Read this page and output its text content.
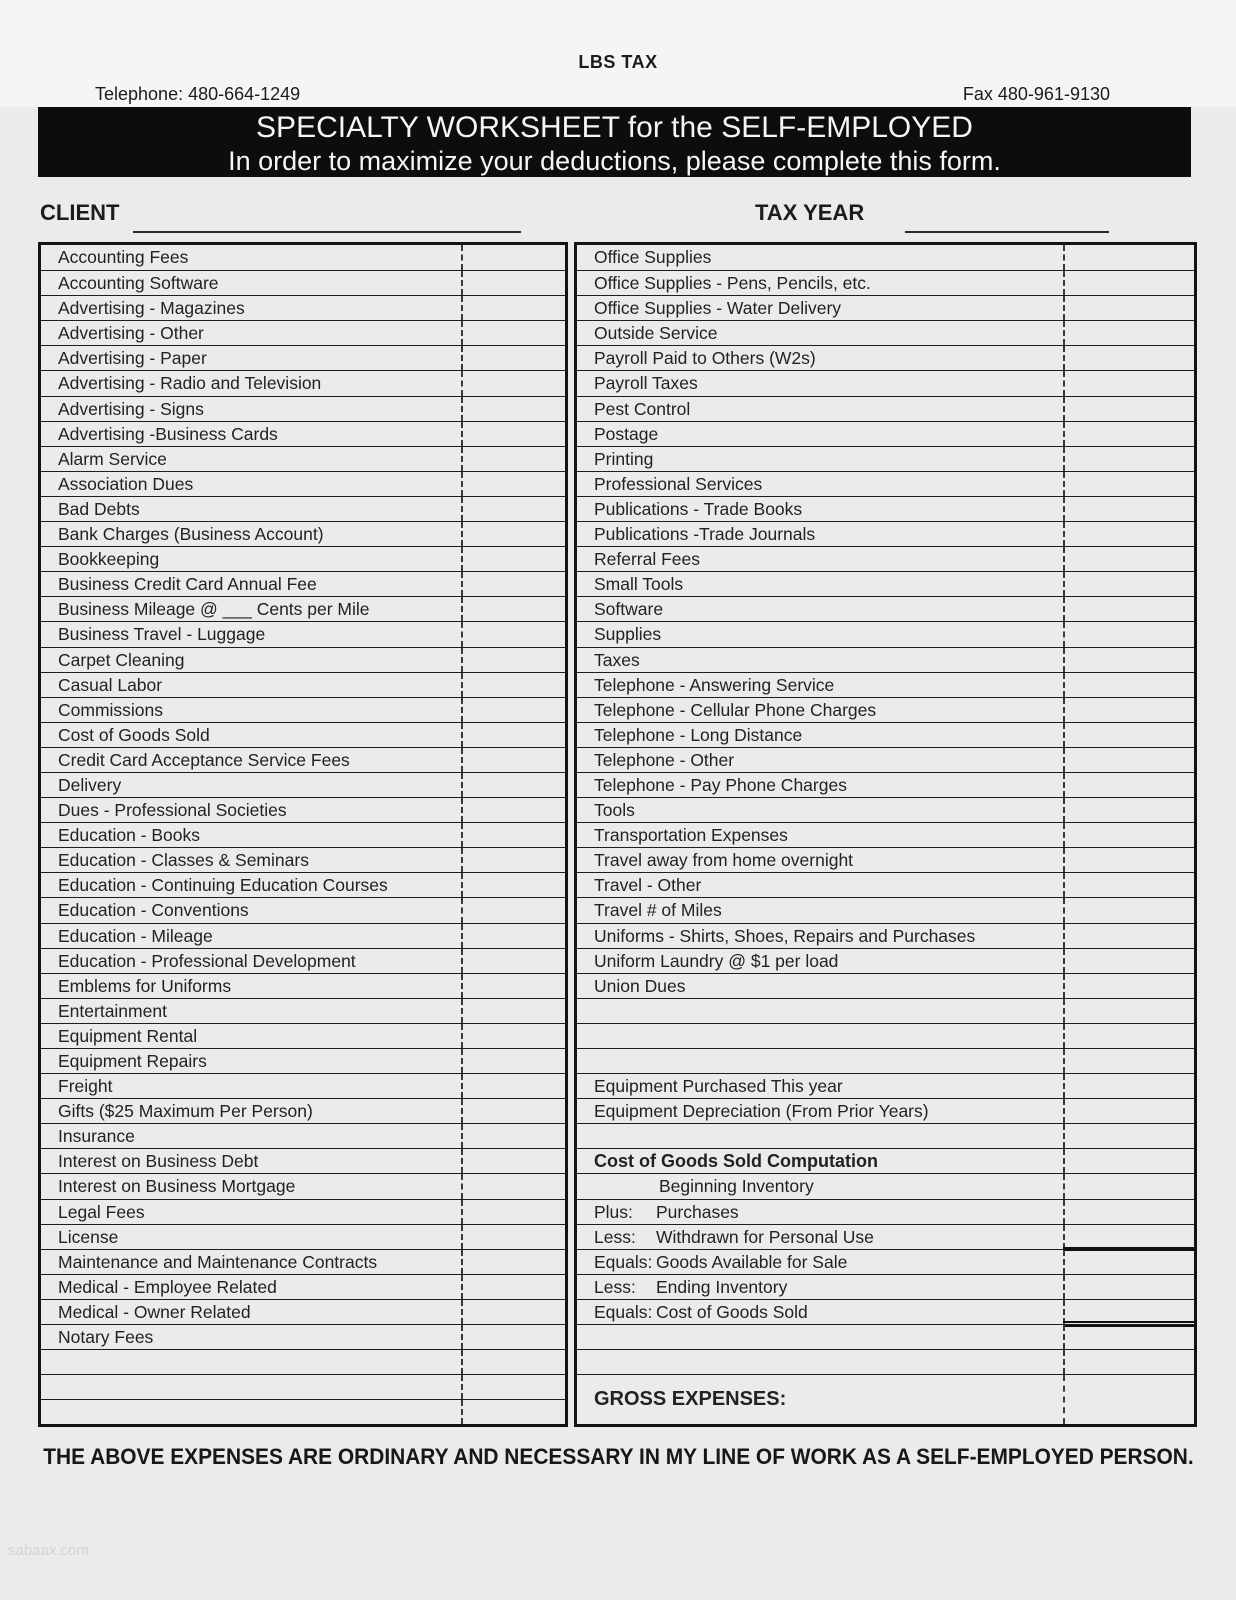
LBS TAX
Telephone: 480-664-1249	Fax 480-961-9130
SPECIALTY WORKSHEET for the SELF-EMPLOYED
In order to maximize your deductions, please complete this form.
CLIENT	TAX YEAR
Accounting Fees
Accounting Software
Advertising - Magazines
Advertising - Other
Advertising - Paper
Advertising - Radio and Television
Advertising - Signs
Advertising -Business Cards
Alarm Service
Association Dues
Bad Debts
Bank Charges (Business Account)
Bookkeeping
Business Credit Card Annual Fee
Business Mileage @ ___ Cents per Mile
Business Travel - Luggage
Carpet Cleaning
Casual Labor
Commissions
Cost of Goods Sold
Credit Card Acceptance Service Fees
Delivery
Dues - Professional Societies
Education - Books
Education - Classes & Seminars
Education - Continuing Education Courses
Education - Conventions
Education - Mileage
Education - Professional Development
Emblems for Uniforms
Entertainment
Equipment Rental
Equipment Repairs
Freight
Gifts ($25 Maximum Per Person)
Insurance
Interest on Business Debt
Interest on Business Mortgage
Legal Fees
License
Maintenance and Maintenance Contracts
Medical - Employee Related
Medical - Owner Related
Notary Fees
Office Supplies
Office Supplies - Pens, Pencils, etc.
Office Supplies - Water Delivery
Outside Service
Payroll Paid to Others (W2s)
Payroll Taxes
Pest Control
Postage
Printing
Professional Services
Publications - Trade Books
Publications -Trade Journals
Referral Fees
Small Tools
Software
Supplies
Taxes
Telephone - Answering Service
Telephone - Cellular Phone Charges
Telephone - Long Distance
Telephone - Other
Telephone - Pay Phone Charges
Tools
Transportation Expenses
Travel away from home overnight
Travel - Other
Travel # of Miles
Uniforms - Shirts, Shoes, Repairs and Purchases
Uniform Laundry @ $1 per load
Union Dues
Equipment Purchased This year
Equipment Depreciation (From Prior Years)
Cost of Goods Sold Computation
Beginning Inventory
Plus: Purchases
Less: Withdrawn for Personal Use
Equals: Goods Available for Sale
Less: Ending Inventory
Equals: Cost of Goods Sold
GROSS EXPENSES:
THE ABOVE EXPENSES ARE ORDINARY AND NECESSARY IN MY LINE OF WORK AS A SELF-EMPLOYED PERSON.
sabaax.com
